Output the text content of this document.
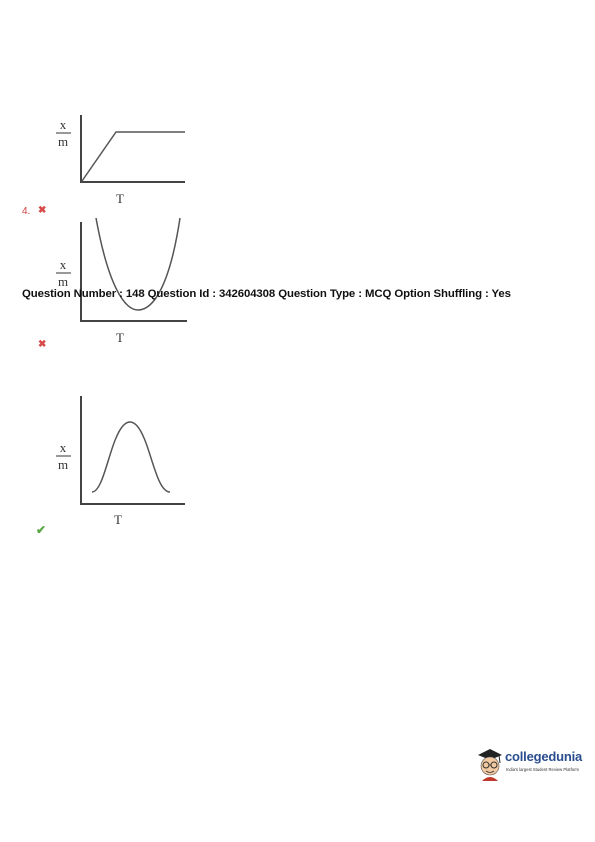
x
m
T
4. ✖
x
m
T
Question Number : 148 Question Id : 342604308 Question Type : MCQ Option Shuffling : Yes
✖
x
m
T
✔
collegedunia
India's largest Student Review Platform
